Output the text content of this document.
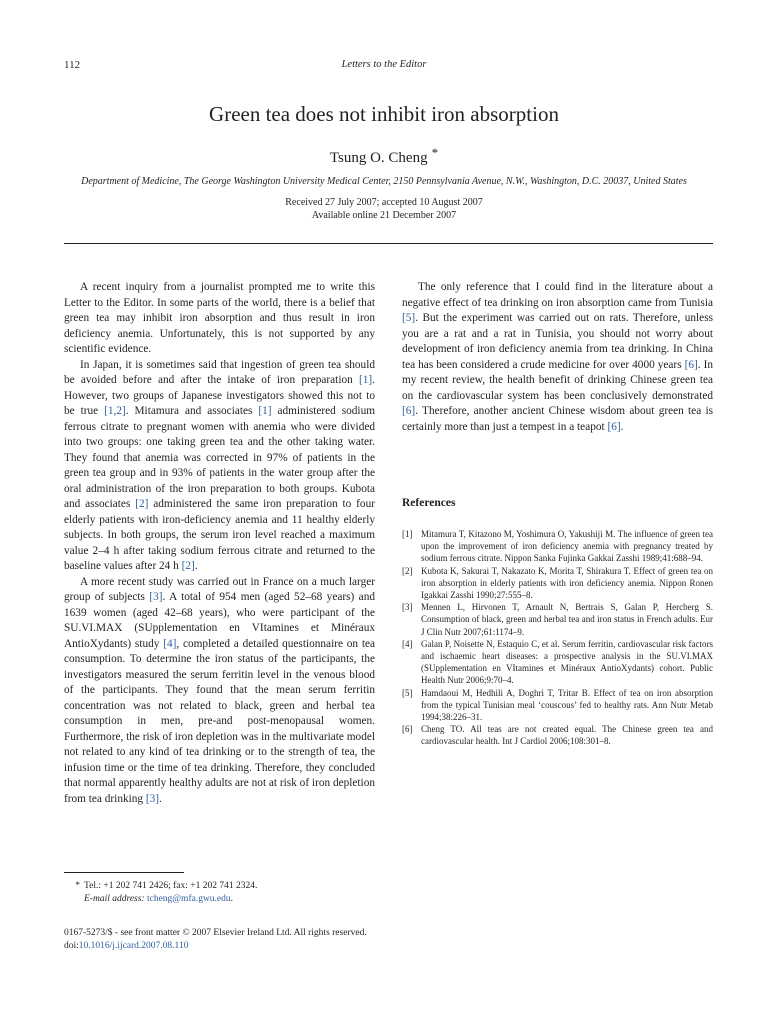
112	Letters to the Editor
Green tea does not inhibit iron absorption
Tsung O. Cheng *
Department of Medicine, The George Washington University Medical Center, 2150 Pennsylvania Avenue, N.W., Washington, D.C. 20037, United States
Received 27 July 2007; accepted 10 August 2007
Available online 21 December 2007

A recent inquiry from a journalist prompted me to write this Letter to the Editor. In some parts of the world, there is a belief that green tea may inhibit iron absorption and thus result in iron deficiency anemia. Unfortunately, this is not supported by any scientific evidence.

In Japan, it is sometimes said that ingestion of green tea should be avoided before and after the intake of iron preparation [1]. However, two groups of Japanese investigators showed this not to be true [1,2]. Mitamura and associates [1] administered sodium ferrous citrate to pregnant women with anemia who were divided into two groups: one taking green tea and the other taking water. They found that anemia was corrected in 97% of patients in the green tea group and in 93% of patients in the water group after the oral administration of the iron preparation to both groups. Kubota and associates [2] administered the same iron preparation to four elderly patients with iron-deficiency anemia and 11 healthy elderly subjects. In both groups, the serum iron level reached a maximum value 2–4 h after taking sodium ferrous citrate and returned to the baseline values after 24 h [2].

A more recent study was carried out in France on a much larger group of subjects [3]. A total of 954 men (aged 52–68 years) and 1639 women (aged 42–68 years), who were participant of the SU.VI.MAX (SUpplementation en VItamines et Minéraux AntioXydants) study [4], completed a detailed questionnaire on tea consumption. To determine the iron status of the participants, the investigators measured the serum ferritin level in the venous blood of the participants. They found that the mean serum ferritin concentration was not related to black, green and herbal tea consumption in men, pre-and post-menopausal women. Furthermore, the risk of iron depletion was in the multivariate model not related to any kind of tea drinking or to the strength of tea, the infusion time or the time of tea drinking. Therefore, they concluded that normal apparently healthy adults are not at risk of iron depletion from tea drinking [3].

The only reference that I could find in the literature about a negative effect of tea drinking on iron absorption came from Tunisia [5]. But the experiment was carried out on rats. Therefore, unless you are a rat and a rat in Tunisia, you should not worry about development of iron deficiency anemia from tea drinking. In China tea has been considered a crude medicine for over 4000 years [6]. In my recent review, the health benefit of drinking Chinese green tea on the cardiovascular system has been conclusively demonstrated [6]. Therefore, another ancient Chinese wisdom about green tea is certainly more than just a tempest in a teapot [6].

References
[1] Mitamura T, Kitazono M, Yoshimura O, Yakushiji M. The influence of green tea upon the improvement of iron deficiency anemia with pregnancy treated by sodium ferrous citrate. Nippon Sanka Fujinka Gakkai Zasshi 1989;41:688–94.
[2] Kubota K, Sakurai T, Nakazato K, Morita T, Shirakura T. Effect of green tea on iron absorption in elderly patients with iron deficiency anemia. Nippon Ronen Igakkai Zasshi 1990;27:555–8.
[3] Mennen L, Hirvonen T, Arnault N, Bertrais S, Galan P, Hercberg S. Consumption of black, green and herbal tea and iron status in French adults. Eur J Clin Nutr 2007;61:1174–9.
[4] Galan P, Noisette N, Estaquio C, et al. Serum ferritin, cardiovascular risk factors and ischaemic heart diseases: a prospective analysis in the SU.VI.MAX (SUpplementation en VItamines et Minéraux AntioXydants) cohort. Public Health Nutr 2006;9:70–4.
[5] Hamdaoui M, Hedhili A, Doghri T, Tritar B. Effect of tea on iron absorption from the typical Tunisian meal ‘couscous’ fed to healthy rats. Ann Nutr Metab 1994;38:226–31.
[6] Cheng TO. All teas are not created equal. The Chinese green tea and cardiovascular health. Int J Cardiol 2006;108:301–8.
* Tel.: +1 202 741 2426; fax: +1 202 741 2324.
E-mail address: tcheng@mfa.gwu.edu.
0167-5273/$ - see front matter © 2007 Elsevier Ireland Ltd. All rights reserved.
doi:10.1016/j.ijcard.2007.08.110
